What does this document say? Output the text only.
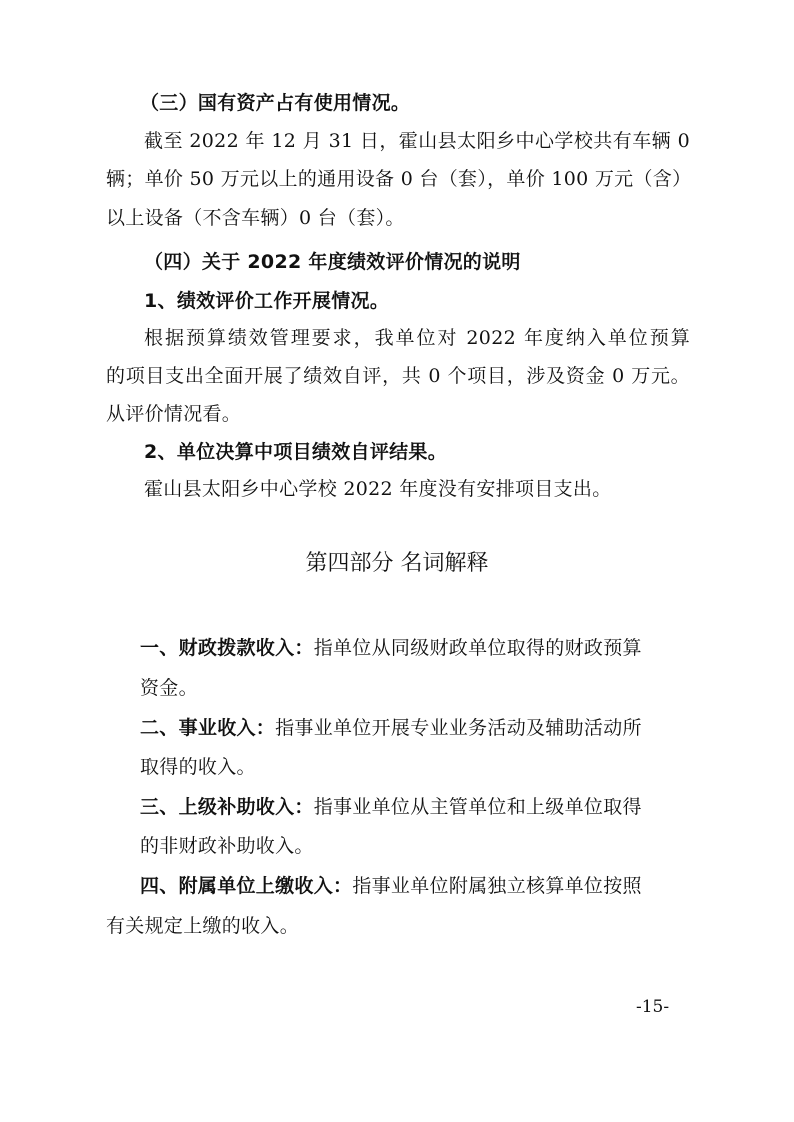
（三）国有资产占有使用情况。
截至 2022 年 12 月 31 日，霍山县太阳乡中心学校共有车辆 0
辆；单价 50 万元以上的通用设备 0 台（套），单价 100 万元（含）
以上设备（不含车辆）0 台（套）。
（四）关于 2022 年度绩效评价情况的说明
1、绩效评价工作开展情况。
根据预算绩效管理要求，我单位对 2022 年度纳入单位预算
的项目支出全面开展了绩效自评，共 0 个项目，涉及资金 0 万元。
从评价情况看。
2、单位决算中项目绩效自评结果。
霍山县太阳乡中心学校 2022 年度没有安排项目支出。
第四部分 名词解释
一、财政拨款收入：指单位从同级财政单位取得的财政预算
资金。
二、事业收入：指事业单位开展专业业务活动及辅助活动所
取得的收入。
三、上级补助收入：指事业单位从主管单位和上级单位取得
的非财政补助收入。
四、附属单位上缴收入：指事业单位附属独立核算单位按照
有关规定上缴的收入。
-15-
